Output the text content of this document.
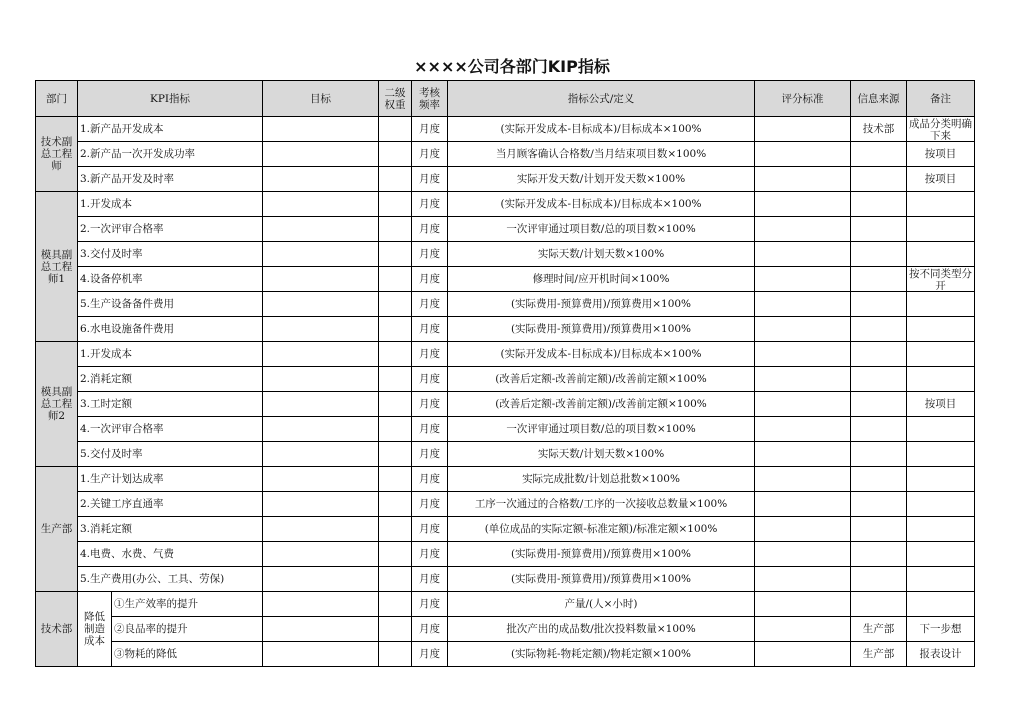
××××公司各部门KIP指标
部门	KPI指标		目标	二级权重	考核频率	指标公式/定义	评分标准	信息来源	备注
技术副总工程师	1.新产品开发成本				月度	(实际开发成本-目标成本)/目标成本×100%		技术部	成品分类明确下来

	2.新产品一次开发成功率				月度	当月顾客确认合格数/当月结束项目数×100%			按项目
	3.新产品开发及时率				月度	实际开发天数/计划开发天数×100%			按项目
模具副总工程师1	1.开发成本				月度	(实际开发成本-目标成本)/目标成本×100%			
	2.一次评审合格率				月度	一次评审通过项目数/总的项目数×100%			
	3.交付及时率				月度	实际天数/计划天数×100%			
	4.设备停机率				月度	修理时间/应开机时间×100%			按不同类型分开

	5.生产设备备件费用				月度	(实际费用-预算费用)/预算费用×100%			
	6.水电设施备件费用				月度	(实际费用-预算费用)/预算费用×100%			
模具副总工程师2	1.开发成本				月度	(实际开发成本-目标成本)/目标成本×100%			
	2.消耗定额				月度	(改善后定额-改善前定额)/改善前定额×100%			
	3.工时定额				月度	(改善后定额-改善前定额)/改善前定额×100%			按项目
	4.一次评审合格率				月度	一次评审通过项目数/总的项目数×100%			
	5.交付及时率				月度	实际天数/计划天数×100%			
生产部	1.生产计划达成率				月度	实际完成批数/计划总批数×100%			
	2.关键工序直通率				月度	工序一次通过的合格数/工序的一次接收总数量×100%			
	3.消耗定额				月度	(单位成品的实际定额-标准定额)/标准定额×100%			
	4.电费、水费、气费				月度	(实际费用-预算费用)/预算费用×100%			
	5.生产费用(办公、工具、劳保)				月度	(实际费用-预算费用)/预算费用×100%			
技术部	降低制造成本	①生产效率的提升			月度	产量/(人×小时)			
		②良品率的提升			月度	批次产出的成品数/批次投料数量×100%		生产部	下一步想
		③物耗的降低			月度	(实际物耗-物耗定额)/物耗定额×100%		生产部	报表设计
